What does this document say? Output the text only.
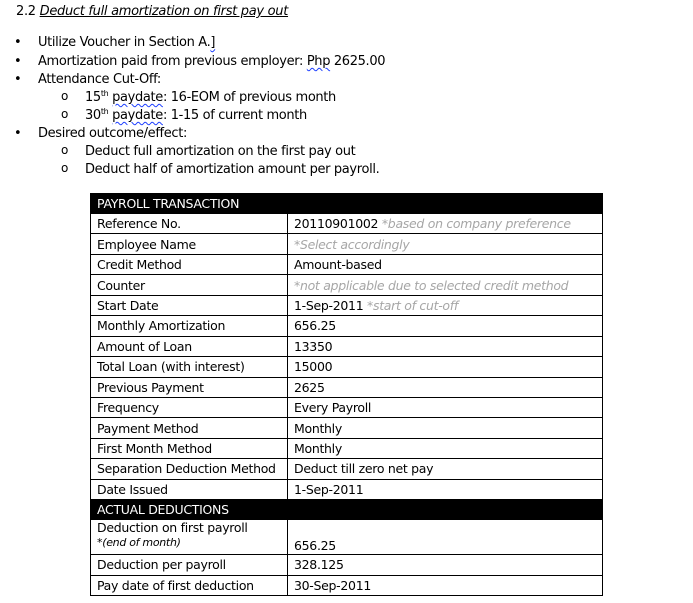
2.2 Deduct full amortization on first pay out
• Utilize Voucher in Section A.]
• Amortization paid from previous employer: Php 2625.00
• Attendance Cut-Off:
o 15th paydate: 16-EOM of previous month
o 30th paydate: 1-15 of current month
• Desired outcome/effect:
o Deduct full amortization on the first pay out
o Deduct half of amortization amount per payroll.
PAYROLL TRANSACTION	
Reference No.	20110901002 *based on company preference
Employee Name	*Select accordingly
Credit Method	Amount-based
Counter	*not applicable due to selected credit method
Start Date	1-Sep-2011 *start of cut-off
Monthly Amortization	656.25
Amount of Loan	13350
Total Loan (with interest)	15000
Previous Payment	2625
Frequency	Every Payroll
Payment Method	Monthly
First Month Method	Monthly
Separation Deduction Method	Deduct till zero net pay
Date Issued	1-Sep-2011
ACTUAL DEDUCTIONS	

Deduction on first payroll
*(end of month)	656.25
Deduction per payroll	328.125
Pay date of first deduction	30-Sep-2011
